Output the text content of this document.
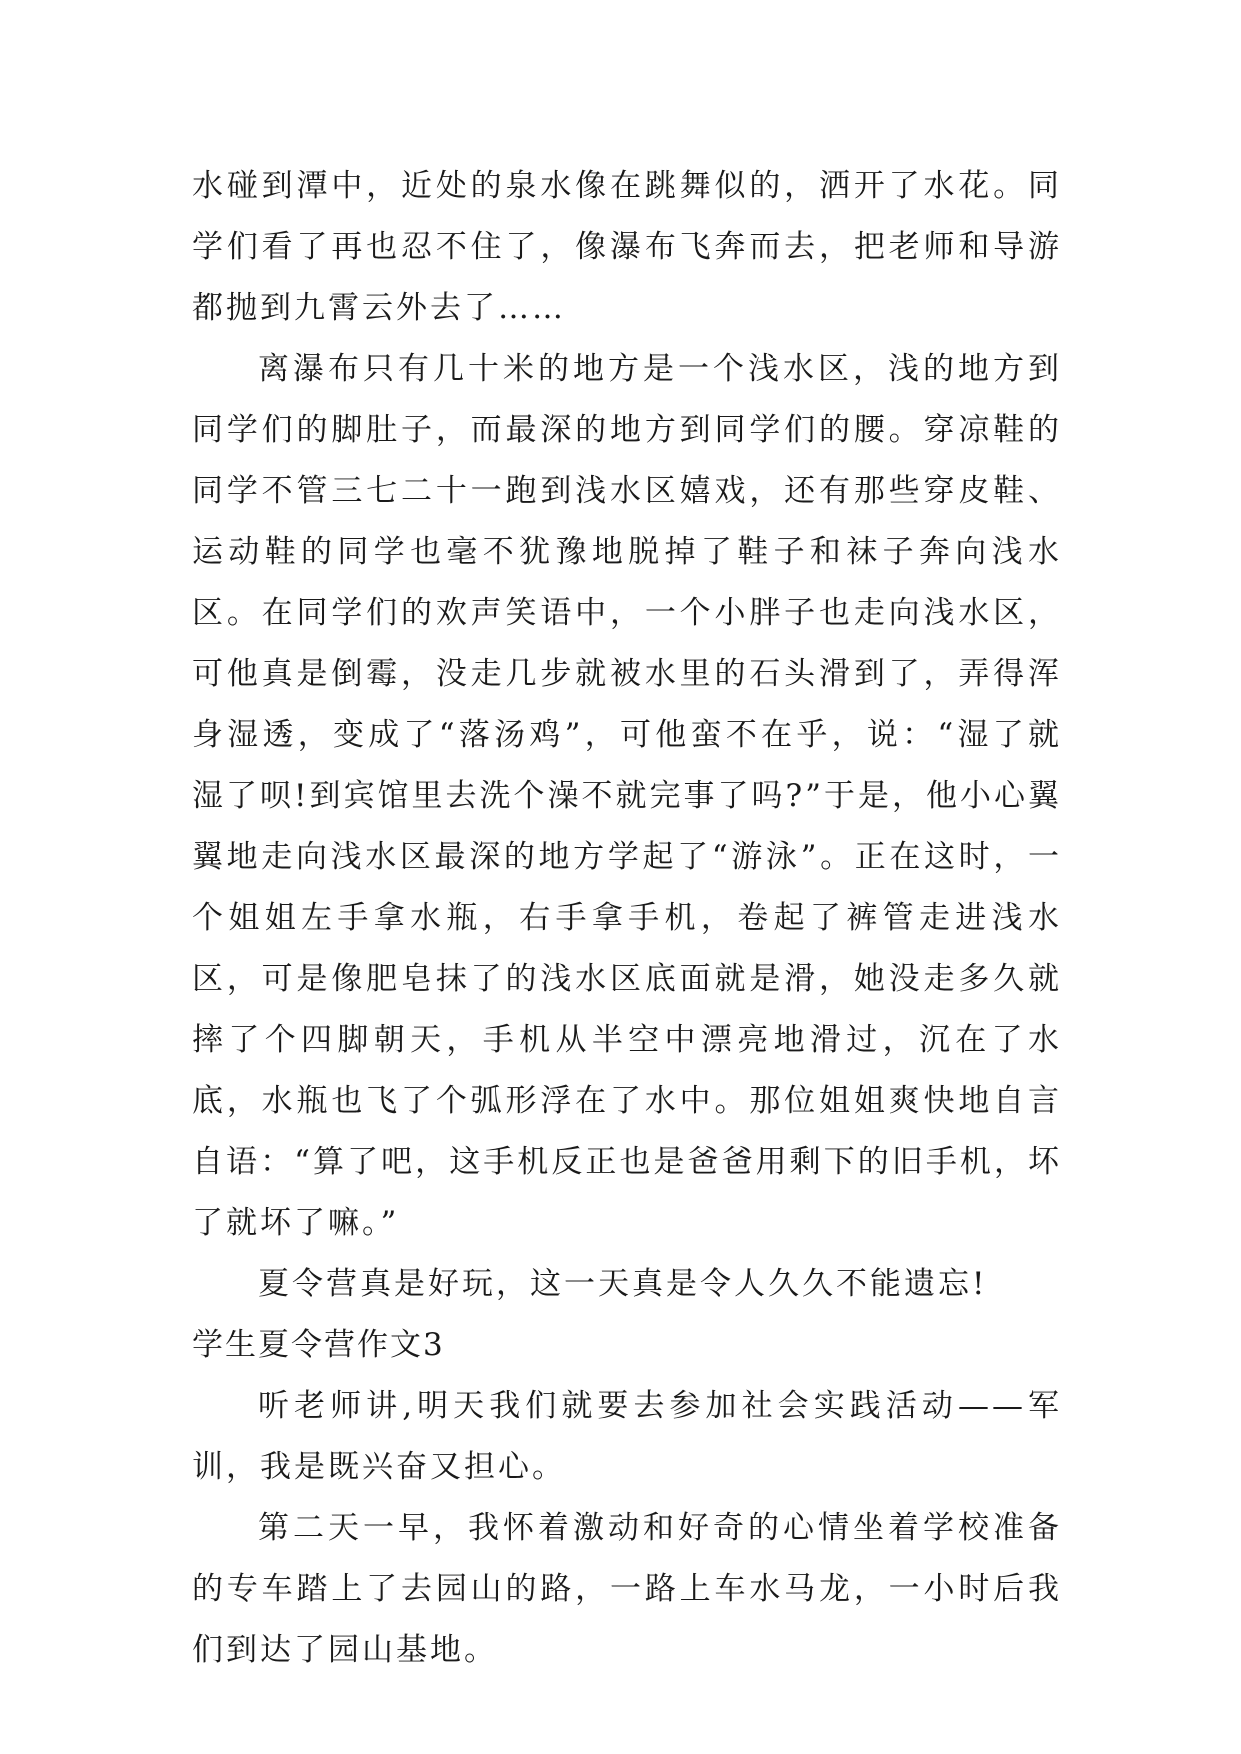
水碰到潭中，近处的泉水像在跳舞似的，洒开了水花。同学们看了再也忍不住了，像瀑布飞奔而去，把老师和导游都抛到九霄云外去了……

离瀑布只有几十米的地方是一个浅水区，浅的地方到同学们的脚肚子，而最深的地方到同学们的腰。穿凉鞋的同学不管三七二十一跑到浅水区嬉戏，还有那些穿皮鞋、运动鞋的同学也毫不犹豫地脱掉了鞋子和袜子奔向浅水区。在同学们的欢声笑语中，一个小胖子也走向浅水区，可他真是倒霉，没走几步就被水里的石头滑到了，弄得浑身湿透，变成了“落汤鸡”，可他蛮不在乎，说：“湿了就湿了呗!到宾馆里去洗个澡不就完事了吗?”于是，他小心翼翼地走向浅水区最深的地方学起了“游泳”。正在这时，一个姐姐左手拿水瓶，右手拿手机，卷起了裤管走进浅水区，可是像肥皂抹了的浅水区底面就是滑，她没走多久就摔了个四脚朝天，手机从半空中漂亮地滑过，沉在了水底，水瓶也飞了个弧形浮在了水中。那位姐姐爽快地自言自语：“算了吧，这手机反正也是爸爸用剩下的旧手机，坏了就坏了嘛。”

夏令营真是好玩，这一天真是令人久久不能遗忘!

学生夏令营作文3

听老师讲,明天我们就要去参加社会实践活动——军训，我是既兴奋又担心。

第二天一早，我怀着激动和好奇的心情坐着学校准备的专车踏上了去园山的路，一路上车水马龙，一小时后我们到达了园山基地。
